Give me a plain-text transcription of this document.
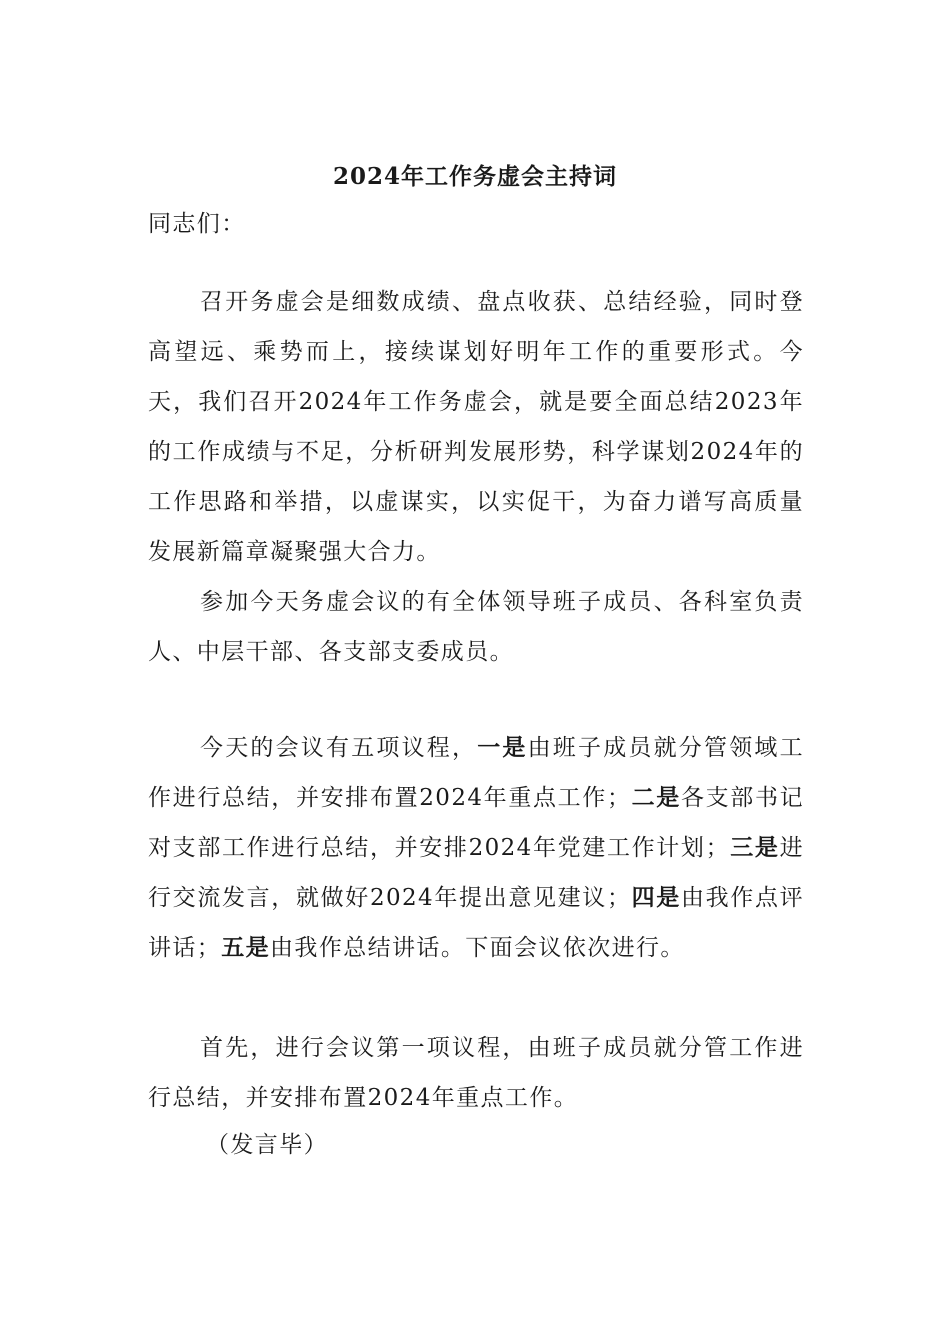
2024年工作务虚会主持词
同志们：
召开务虚会是细数成绩、盘点收获、总结经验，同时登高望远、乘势而上，接续谋划好明年工作的重要形式。今天，我们召开2024年工作务虚会，就是要全面总结2023年的工作成绩与不足，分析研判发展形势，科学谋划2024年的工作思路和举措，以虚谋实，以实促干，为奋力谱写高质量发展新篇章凝聚强大合力。
参加今天务虚会议的有全体领导班子成员、各科室负责人、中层干部、各支部支委成员。
今天的会议有五项议程，一是由班子成员就分管领域工作进行总结，并安排布置2024年重点工作；二是各支部书记对支部工作进行总结，并安排2024年党建工作计划；三是进行交流发言，就做好2024年提出意见建议；四是由我作点评讲话；五是由我作总结讲话。下面会议依次进行。
首先，进行会议第一项议程，由班子成员就分管工作进行总结，并安排布置2024年重点工作。
（发言毕）
